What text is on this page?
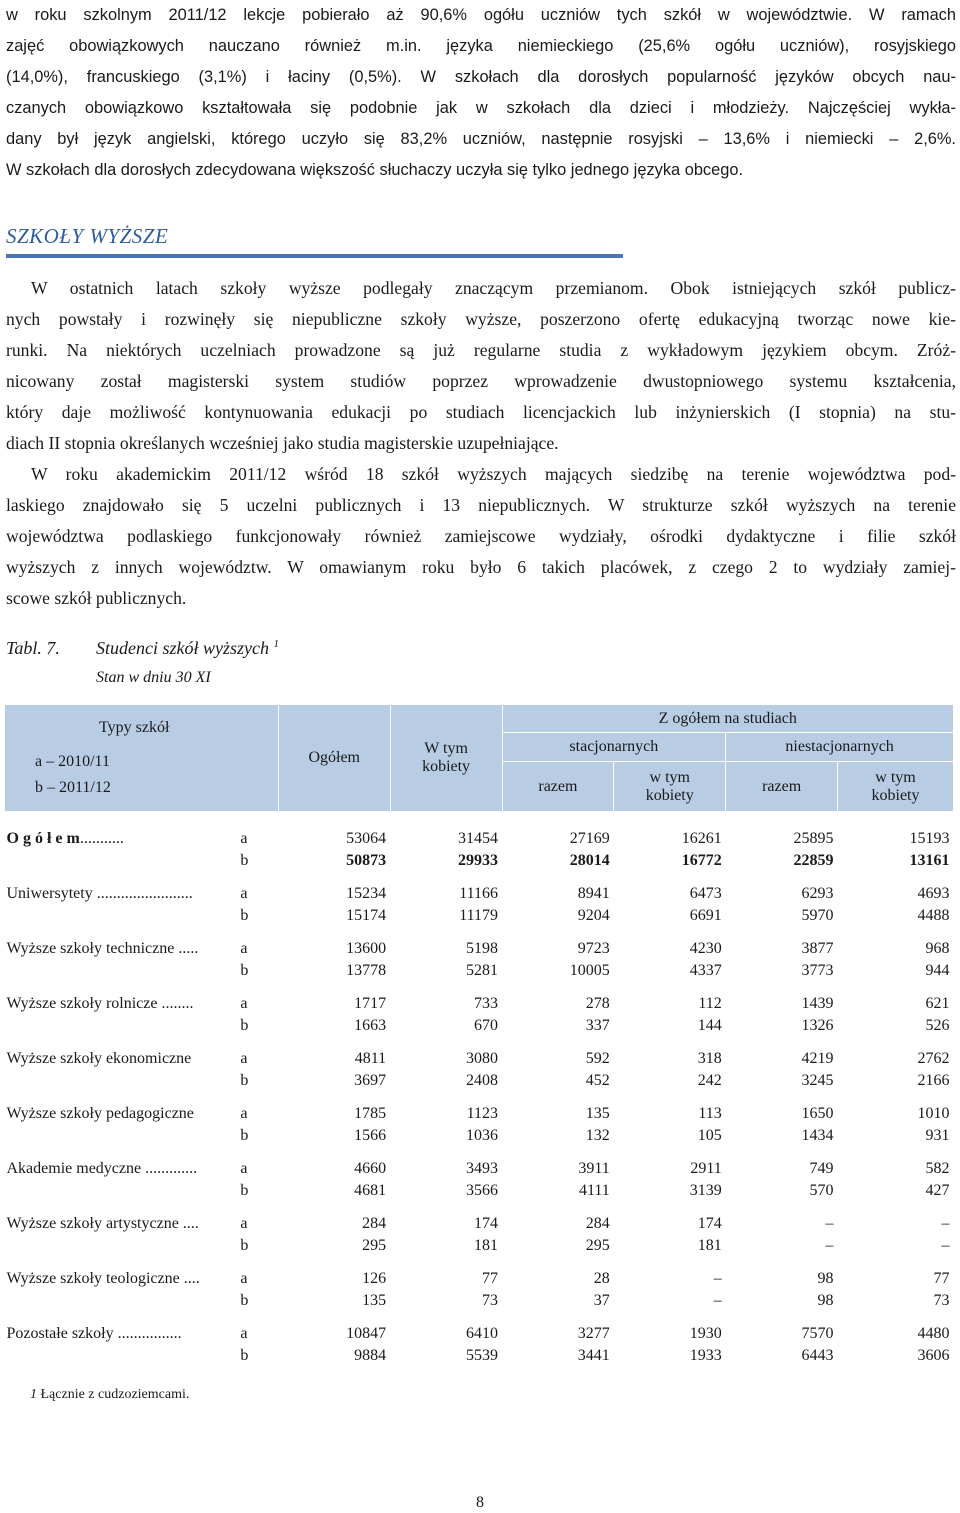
w roku szkolnym 2011/12 lekcje pobierało aż 90,6% ogółu uczniów tych szkół w województwie. W ramach
zajęć obowiązkowych nauczano również m.in. języka niemieckiego (25,6% ogółu uczniów), rosyjskiego
(14,0%), francuskiego (3,1%) i łaciny (0,5%). W szkołach dla dorosłych popularność języków obcych nau-
czanych obowiązkowo kształtowała się podobnie jak w szkołach dla dzieci i młodzieży. Najczęściej wykła-
dany był język angielski, którego uczyło się 83,2% uczniów, następnie rosyjski – 13,6% i niemiecki – 2,6%.
W szkołach dla dorosłych zdecydowana większość słuchaczy uczyła się tylko jednego języka obcego.
SZKOŁY WYŻSZE
W ostatnich latach szkoły wyższe podlegały znaczącym przemianom. Obok istniejących szkół publicz-
nych powstały i rozwinęły się niepubliczne szkoły wyższe, poszerzono ofertę edukacyjną tworząc nowe kie-
runki. Na niektórych uczelniach prowadzone są już regularne studia z wykładowym językiem obcym. Zróż-
nicowany został magisterski system studiów poprzez wprowadzenie dwustopniowego systemu kształcenia,
który daje możliwość kontynuowania edukacji po studiach licencjackich lub inżynierskich (I stopnia) na stu-
diach II stopnia określanych wcześniej jako studia magisterskie uzupełniające.
W roku akademickim 2011/12 wśród 18 szkół wyższych mających siedzibę na terenie województwa pod-
laskiego znajdowało się 5 uczelni publicznych i 13 niepublicznych. W strukturze szkół wyższych na terenie
województwa podlaskiego funkcjonowały również zamiejscowe wydziały, ośrodki dydaktyczne i filie szkół
wyższych z innych województw. W omawianym roku było 6 takich placówek, z czego 2 to wydziały zamiej-
scowe szkół publicznych.
Tabl. 7. Studenci szkół wyższych $^1$
Stan w dniu 30 XI
Typy szkół
a – 2010/11
b – 2011/12		Ogółem	W tym kobiety	Z ogółem na studiach			
				stacjonarnych		niestacjonarnych	
				razem	w tym kobiety	razem	w tym kobiety

O g ó ł e m...........	a	53064	31454	27169	16261	25895	15193
	b	50873	29933	28014	16772	22859	13161

Uniwersytety ........................	a	15234	11166	8941	6473	6293	4693
	b	15174	11179	9204	6691	5970	4488

Wyższe szkoły techniczne .....	a	13600	5198	9723	4230	3877	968
	b	13778	5281	10005	4337	3773	944

Wyższe szkoły rolnicze ........	a	1717	733	278	112	1439	621
	b	1663	670	337	144	1326	526

Wyższe szkoły ekonomiczne	a	4811	3080	592	318	4219	2762
	b	3697	2408	452	242	3245	2166

Wyższe szkoły pedagogiczne	a	1785	1123	135	113	1650	1010
	b	1566	1036	132	105	1434	931

Akademie medyczne .............	a	4660	3493	3911	2911	749	582
	b	4681	3566	4111	3139	570	427

Wyższe szkoły artystyczne ....	a	284	174	284	174	–	–
	b	295	181	295	181	–	–

Wyższe szkoły teologiczne ....	a	126	77	28	–	98	77
	b	135	73	37	–	98	73

Pozostałe szkoły ................	a	10847	6410	3277	1930	7570	4480
	b	9884	5539	3441	1933	6443	3606
1 Łącznie z cudzoziemcami.
8
